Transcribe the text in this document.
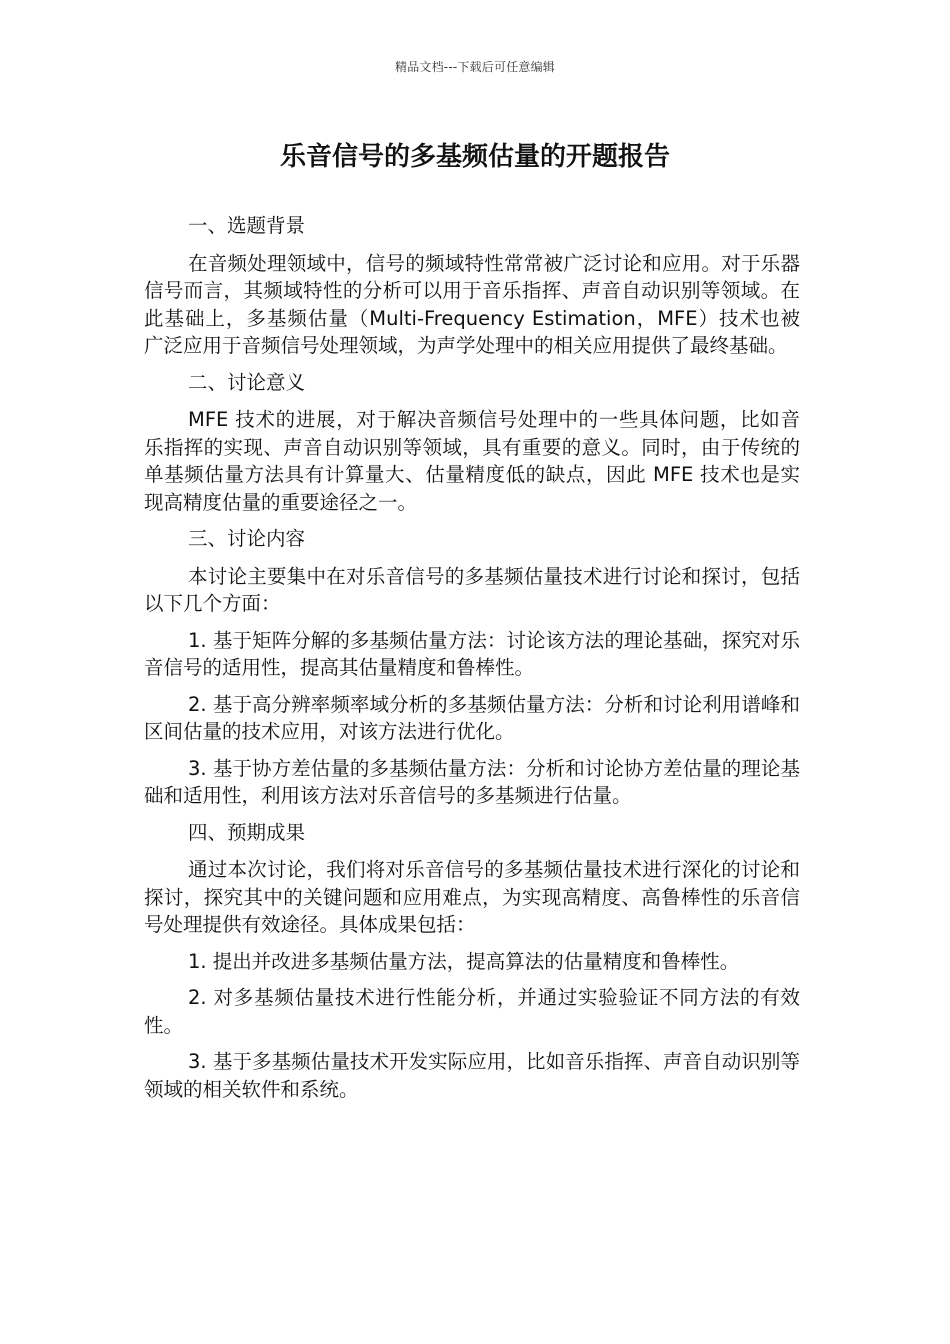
精品文档---下载后可任意编辑
乐音信号的多基频估量的开题报告

一、选题背景

在音频处理领域中，信号的频域特性常常被广泛讨论和应用。对于乐器信号而言，其频域特性的分析可以用于音乐指挥、声音自动识别等领域。在此基础上，多基频估量（Multi-Frequency Estimation，MFE）技术也被广泛应用于音频信号处理领域，为声学处理中的相关应用提供了最终基础。

二、讨论意义

MFE 技术的进展，对于解决音频信号处理中的一些具体问题，比如音乐指挥的实现、声音自动识别等领域，具有重要的意义。同时，由于传统的单基频估量方法具有计算量大、估量精度低的缺点，因此 MFE 技术也是实现高精度估量的重要途径之一。

三、讨论内容

本讨论主要集中在对乐音信号的多基频估量技术进行讨论和探讨，包括以下几个方面：

1. 基于矩阵分解的多基频估量方法：讨论该方法的理论基础，探究对乐音信号的适用性，提高其估量精度和鲁棒性。

2. 基于高分辨率频率域分析的多基频估量方法：分析和讨论利用谱峰和区间估量的技术应用，对该方法进行优化。

3. 基于协方差估量的多基频估量方法：分析和讨论协方差估量的理论基础和适用性，利用该方法对乐音信号的多基频进行估量。

四、预期成果

通过本次讨论，我们将对乐音信号的多基频估量技术进行深化的讨论和探讨，探究其中的关键问题和应用难点，为实现高精度、高鲁棒性的乐音信号处理提供有效途径。具体成果包括：

1. 提出并改进多基频估量方法，提高算法的估量精度和鲁棒性。

2. 对多基频估量技术进行性能分析，并通过实验验证不同方法的有效性。

3. 基于多基频估量技术开发实际应用，比如音乐指挥、声音自动识别等领域的相关软件和系统。
